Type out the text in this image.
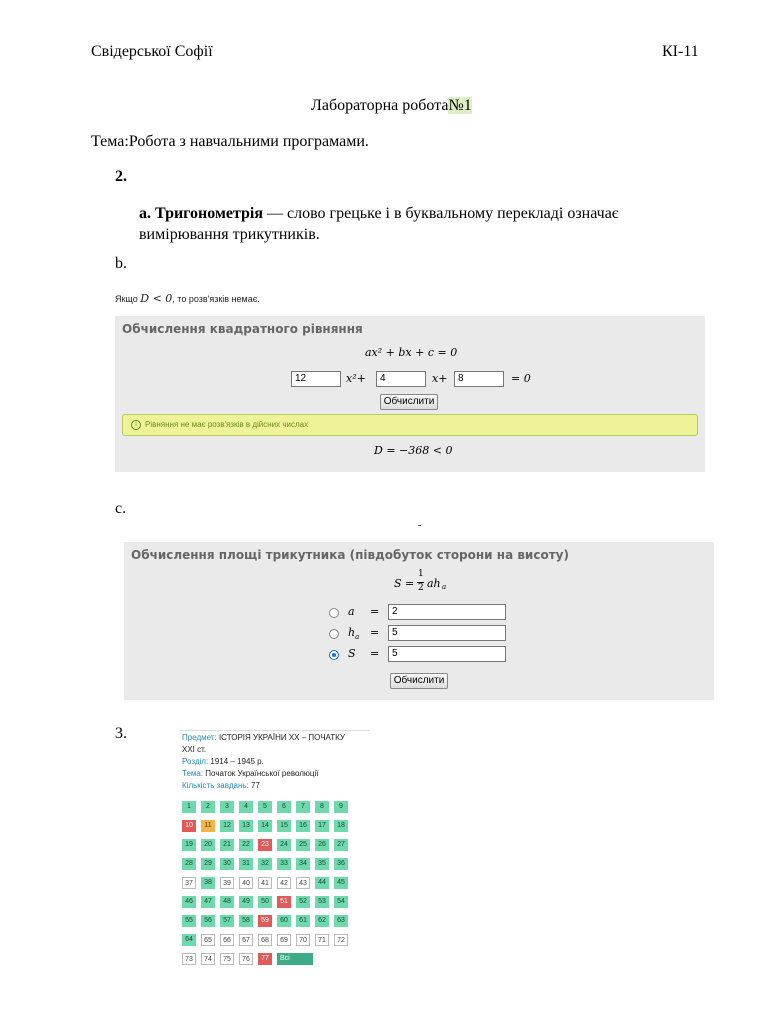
Свідерської Софії	КІ-11
Лабораторна робота№1
Тема:Робота з навчальними програмами.
2.
a. Тригонометрія — слово грецьке і в буквальному перекладі означає
вимірювання трикутників.
b.
Якщо D < 0, то розв'язків немає.
Обчислення квадратного рівняння
ax² + bx + c = 0
12	x²+	4	x+	8	= 0
Обчислити
i	Рівняння не має розв'язків в дійсних числах
D = −368 < 0
c.
-
Обчислення площі трикутника (півдобуток сторони на висоту)
S =
1
2 ah a
a =	2
$h_a$ =	5
S =	5
Обчислити
3.	Предмет: ІСТОРІЯ УКРАЇНИ XX – ПОЧАТКУ
XXI ст.
Розділ: 1914 – 1945 р.
Тема: Початок Української революції
Кількість завдань: 77
1	2	3	4	5	6	7	8	9
10	11	12	13	14	15	16	17	18
19	20	21	22	23	24	25	26	27
28	29	30	31	32	33	34	35	36
37	38	39	40	41	42	43	44	45
46	47	48	49	50	51	52	53	54
55	56	57	58	59	60	61	62	63
64	65	66	67	68	69	70	71	72
73	74	75	76	77	Всі завдання
